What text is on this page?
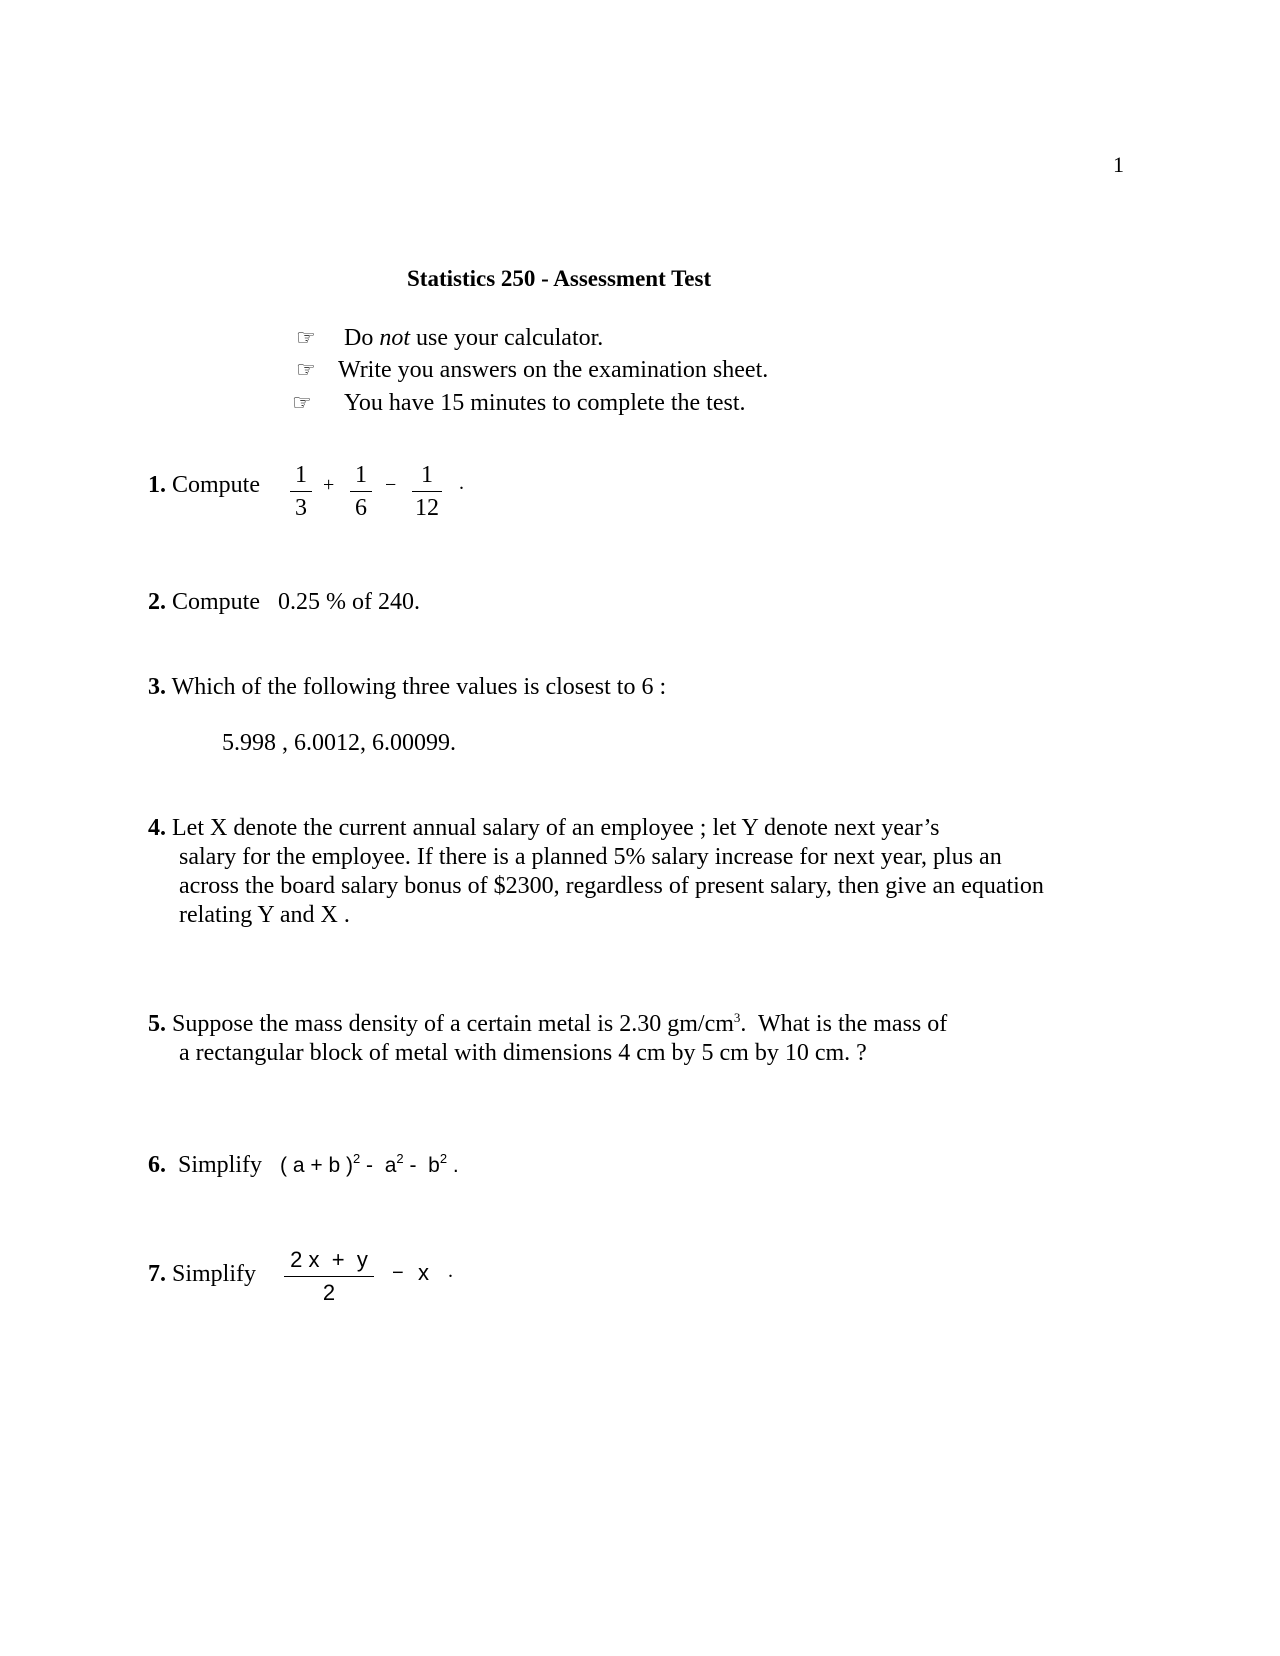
1
Statistics 250 - Assessment Test
☞ Do not use your calculator.
☞ Write you answers on the examination sheet.
☞ You have 15 minutes to complete the test.
1. Compute 1
3
+ 1
6
−	1
12
.
2. Compute   0.25 % of 240.
3. Which of the following three values is closest to 6 :
5.998 , 6.0012, 6.00099.
4. Let X denote the current annual salary of an employee ; let Y denote next year’s
salary for the employee. If there is a planned 5% salary increase for next year, plus an
across the board salary bonus of $2300, regardless of present salary, then give an equation
relating Y and X .
5. Suppose the mass density of a certain metal is 2.30 $gm/cm^3$.  What is the mass of
a rectangular block of metal with dimensions 4 cm by 5 cm by 10 cm. ?
6. Simplify ( a + b )$^2 - a^2 - b^2$ .
7. Simplify
2 x  +  y
2
− x .
